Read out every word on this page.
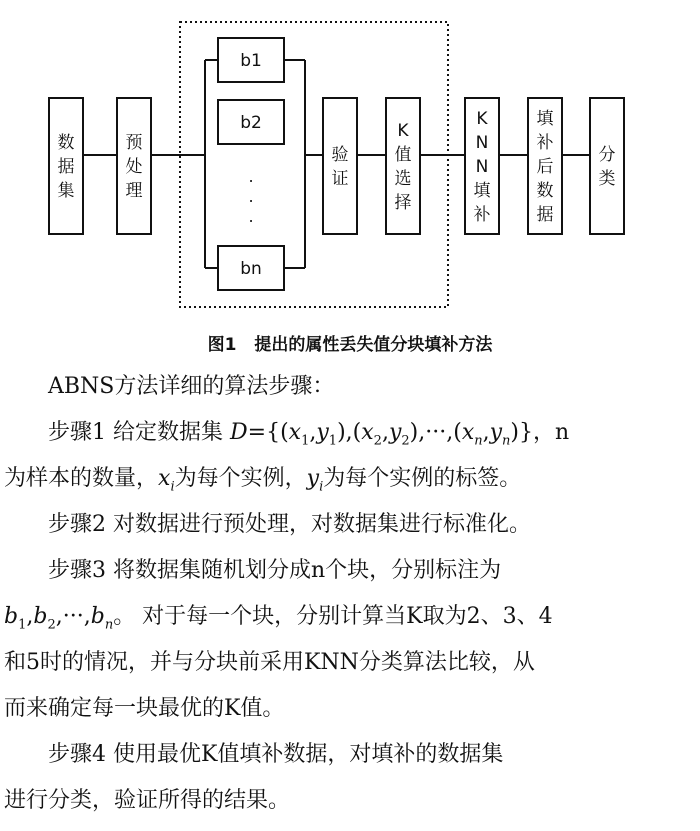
数据集
预处理
b1
b2
.
.
.
bn
验证
K 值选择
K N N 填补
填补后数据
分类
图1 提出的属性丢失值分块填补方法
ABNS方法详细的算法步骤：
步骤1 给定数据集 $D=\{(x_1,y_1),(x_2,y_2),\cdot\cdot\cdot,(x_n,y_n)\}$，n
为样本的数量，$x_i$为每个实例，$y_i$为每个实例的标签。
步骤2 对数据进行预处理，对数据集进行标准化。
步骤3 将数据集随机划分成n个块，分别标注为
$b_1,b_2,\cdot\cdot\cdot,b_n$。 对于每一个块，分别计算当K取为2、3、4
和5时的情况，并与分块前采用KNN分类算法比较，从
而来确定每一块最优的K值。
步骤4 使用最优K值填补数据，对填补的数据集
进行分类，验证所得的结果。
